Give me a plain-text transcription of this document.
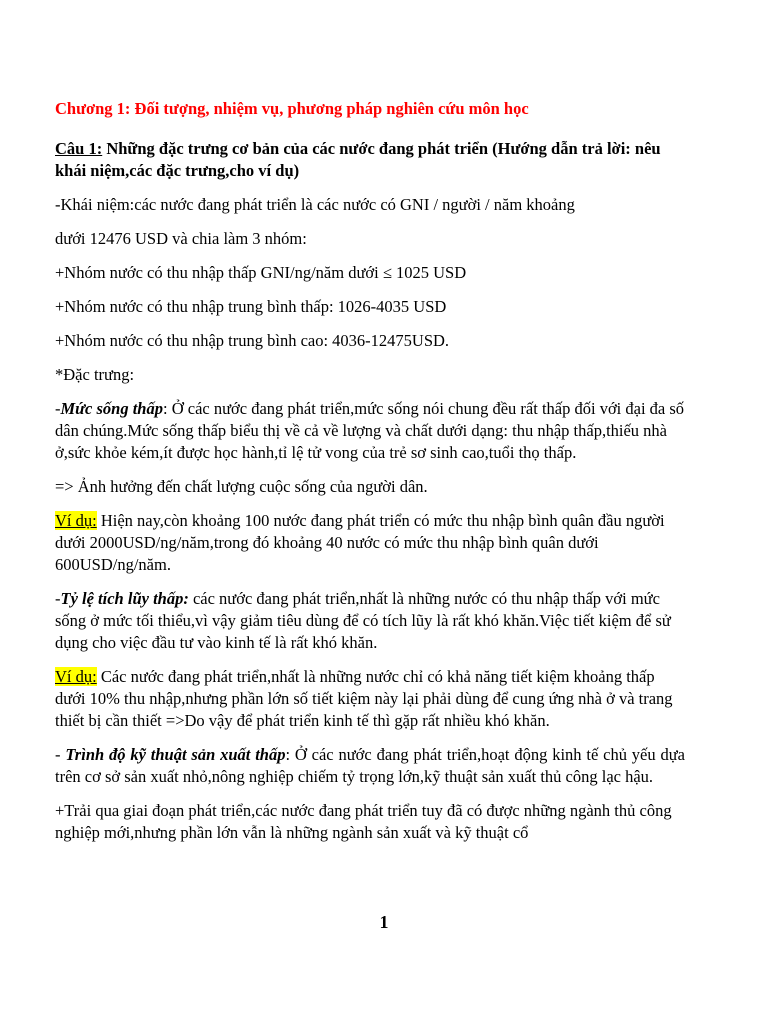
Chương 1: Đối tượng, nhiệm vụ, phương pháp nghiên cứu môn học

Câu 1: Những đặc trưng cơ bản của các nước đang phát triển (Hướng dẫn trả lời: nêu khái niệm,các đặc trưng,cho ví dụ)

-Khái niệm:các nước đang phát triển là các nước có GNI / người / năm khoảng

dưới 12476 USD và chia làm 3 nhóm:

+Nhóm nước có thu nhập thấp GNI/ng/năm dưới ≤ 1025 USD

+Nhóm nước có thu nhập trung bình thấp: 1026-4035 USD

+Nhóm nước có thu nhập trung bình cao: 4036-12475USD.

*Đặc trưng:

-Mức sống thấp: Ở các nước đang phát triển,mức sống nói chung đều rất thấp đối với đại đa số dân chúng.Mức sống thấp biểu thị về cả về lượng và chất dưới dạng: thu nhập thấp,thiếu nhà ở,sức khỏe kém,ít được học hành,tỉ lệ tử vong của trẻ sơ sinh cao,tuổi thọ thấp.

=> Ảnh hưởng đến chất lượng cuộc sống của người dân.

Ví dụ: Hiện nay,còn khoảng 100 nước đang phát triển có mức thu nhập bình quân đầu người dưới 2000USD/ng/năm,trong đó khoảng 40 nước có mức thu nhập bình quân dưới 600USD/ng/năm.

-Tỷ lệ tích lũy thấp: các nước đang phát triển,nhất là những nước có thu nhập thấp với mức sống ở mức tối thiểu,vì vậy giảm tiêu dùng để có tích lũy là rất khó khăn.Việc tiết kiệm để sử dụng cho việc đầu tư vào kinh tế là rất khó khăn.

Ví dụ: Các nước đang phát triển,nhất là những nước chỉ có khả năng tiết kiệm khoảng thấp dưới 10% thu nhập,nhưng phần lớn số tiết kiệm này lại phải dùng để cung ứng nhà ở và trang thiết bị cần thiết =>Do vậy để phát triển kinh tế thì gặp rất nhiều khó khăn.

- Trình độ kỹ thuật sản xuất thấp: Ở các nước đang phát triển,hoạt động kinh tế chủ yếu dựa trên cơ sở sản xuất nhỏ,nông nghiệp chiếm tỷ trọng lớn,kỹ thuật sản xuất thủ công lạc hậu.

+Trải qua giai đoạn phát triển,các nước đang phát triển tuy đã có được những ngành thủ công nghiệp mới,nhưng phần lớn vẫn là những ngành sản xuất và kỹ thuật cổ

1
